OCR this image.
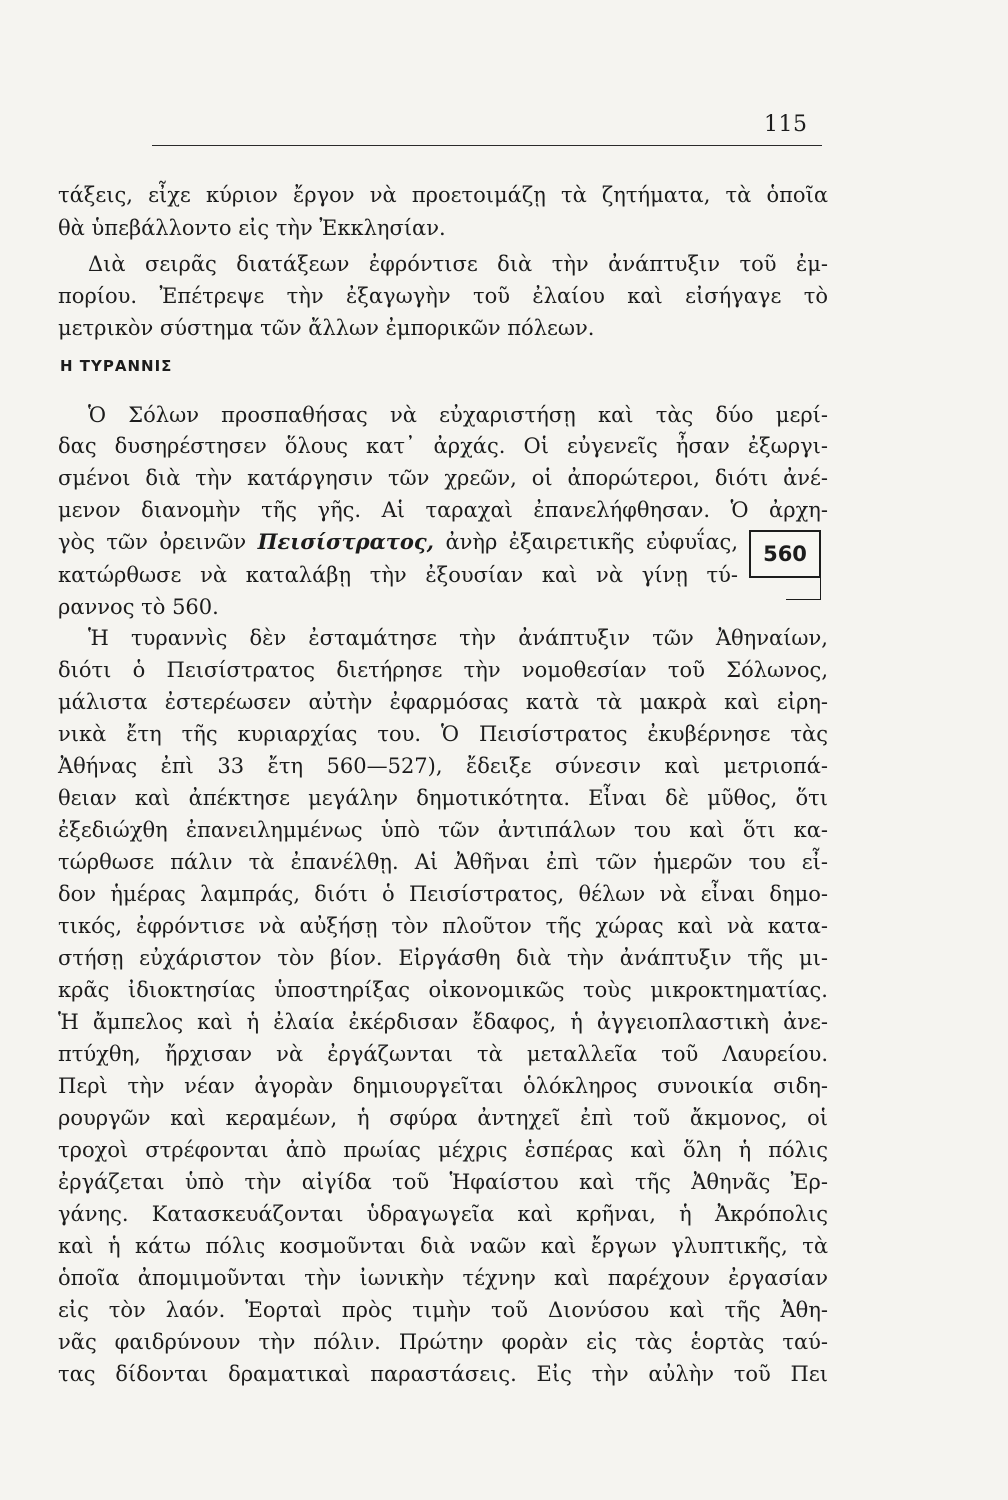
115
τάξεις, εἶχε κύριον ἔργον νὰ προετοιμάζῃ τὰ ζητήματα, τὰ ὁποῖα
θὰ ὑπεβάλλοντο εἰς τὴν Ἐκκλησίαν.
Διὰ σειρᾶς διατάξεων ἐφρόντισε διὰ τὴν ἀνάπτυξιν τοῦ ἐμ-
πορίου. Ἐπέτρεψε τὴν ἐξαγωγὴν τοῦ ἐλαίου καὶ εἰσήγαγε τὸ
μετρικὸν σύστημα τῶν ἄλλων ἐμπορικῶν πόλεων.
Η ΤΥΡΑΝΝΙΣ
Ὁ Σόλων προσπαθήσας νὰ εὐχαριστήσῃ καὶ τὰς δύο μερί-
δας δυσηρέστησεν ὅλους κατ᾽ ἀρχάς. Οἱ εὐγενεῖς ἦσαν ἐξωργι-
σμένοι διὰ τὴν κατάργησιν τῶν χρεῶν, οἱ ἀπορώτεροι, διότι ἀνέ-
μενον διανομὴν τῆς γῆς. Αἱ ταραχαὶ ἐπανελήφθησαν. Ὁ ἀρχη-
γὸς τῶν ὀρεινῶν Πεισίστρατος, ἀνὴρ ἐξαιρετικῆς εὐφυΐας,
κατώρθωσε νὰ καταλάβῃ τὴν ἐξουσίαν καὶ νὰ γίνῃ τύ-
ραννος τὸ 560.
560
Ἡ τυραννὶς δὲν ἐσταμάτησε τὴν ἀνάπτυξιν τῶν Ἀθηναίων,
διότι ὁ Πεισίστρατος διετήρησε τὴν νομοθεσίαν τοῦ Σόλωνος,
μάλιστα ἐστερέωσεν αὐτὴν ἐφαρμόσας κατὰ τὰ μακρὰ καὶ εἰρη-
νικὰ ἔτη τῆς κυριαρχίας του. Ὁ Πεισίστρατος ἐκυβέρνησε τὰς
Ἀθήνας ἐπὶ 33 ἔτη 560—527), ἔδειξε σύνεσιν καὶ μετριοπά-
θειαν καὶ ἀπέκτησε μεγάλην δημοτικότητα. Εἶναι δὲ μῦθος, ὅτι
ἐξεδιώχθη ἐπανειλημμένως ὑπὸ τῶν ἀντιπάλων του καὶ ὅτι κα-
τώρθωσε πάλιν τὰ ἐπανέλθῃ. Αἱ Ἀθῆναι ἐπὶ τῶν ἡμερῶν του εἶ-
δον ἡμέρας λαμπράς, διότι ὁ Πεισίστρατος, θέλων νὰ εἶναι δημο-
τικός, ἐφρόντισε νὰ αὐξήσῃ τὸν πλοῦτον τῆς χώρας καὶ νὰ κατα-
στήσῃ εὐχάριστον τὸν βίον. Εἰργάσθη διὰ τὴν ἀνάπτυξιν τῆς μι-
κρᾶς ἰδιοκτησίας ὑποστηρίξας οἰκονομικῶς τοὺς μικροκτηματίας.
Ἡ ἄμπελος καὶ ἡ ἐλαία ἐκέρδισαν ἔδαφος, ἡ ἀγγειοπλαστικὴ ἀνε-
πτύχθη, ἤρχισαν νὰ ἐργάζωνται τὰ μεταλλεῖα τοῦ Λαυρείου.
Περὶ τὴν νέαν ἀγορὰν δημιουργεῖται ὁλόκληρος συνοικία σιδη-
ρουργῶν καὶ κεραμέων, ἡ σφύρα ἀντηχεῖ ἐπὶ τοῦ ἄκμονος, οἱ
τροχοὶ στρέφονται ἀπὸ πρωίας μέχρις ἑσπέρας καὶ ὅλη ἡ πόλις
ἐργάζεται ὑπὸ τὴν αἰγίδα τοῦ Ἡφαίστου καὶ τῆς Ἀθηνᾶς Ἐρ-
γάνης. Κατασκευάζονται ὑδραγωγεῖα καὶ κρῆναι, ἡ Ἀκρόπολις
καὶ ἡ κάτω πόλις κοσμοῦνται διὰ ναῶν καὶ ἔργων γλυπτικῆς, τὰ
ὁποῖα ἀπομιμοῦνται τὴν ἰωνικὴν τέχνην καὶ παρέχουν ἐργασίαν
εἰς τὸν λαόν. Ἑορταὶ πρὸς τιμὴν τοῦ Διονύσου καὶ τῆς Ἀθη-
νᾶς φαιδρύνουν τὴν πόλιν. Πρώτην φορὰν εἰς τὰς ἑορτὰς ταύ-
τας δίδονται δραματικαὶ παραστάσεις. Εἰς τὴν αὐλὴν τοῦ Πει
